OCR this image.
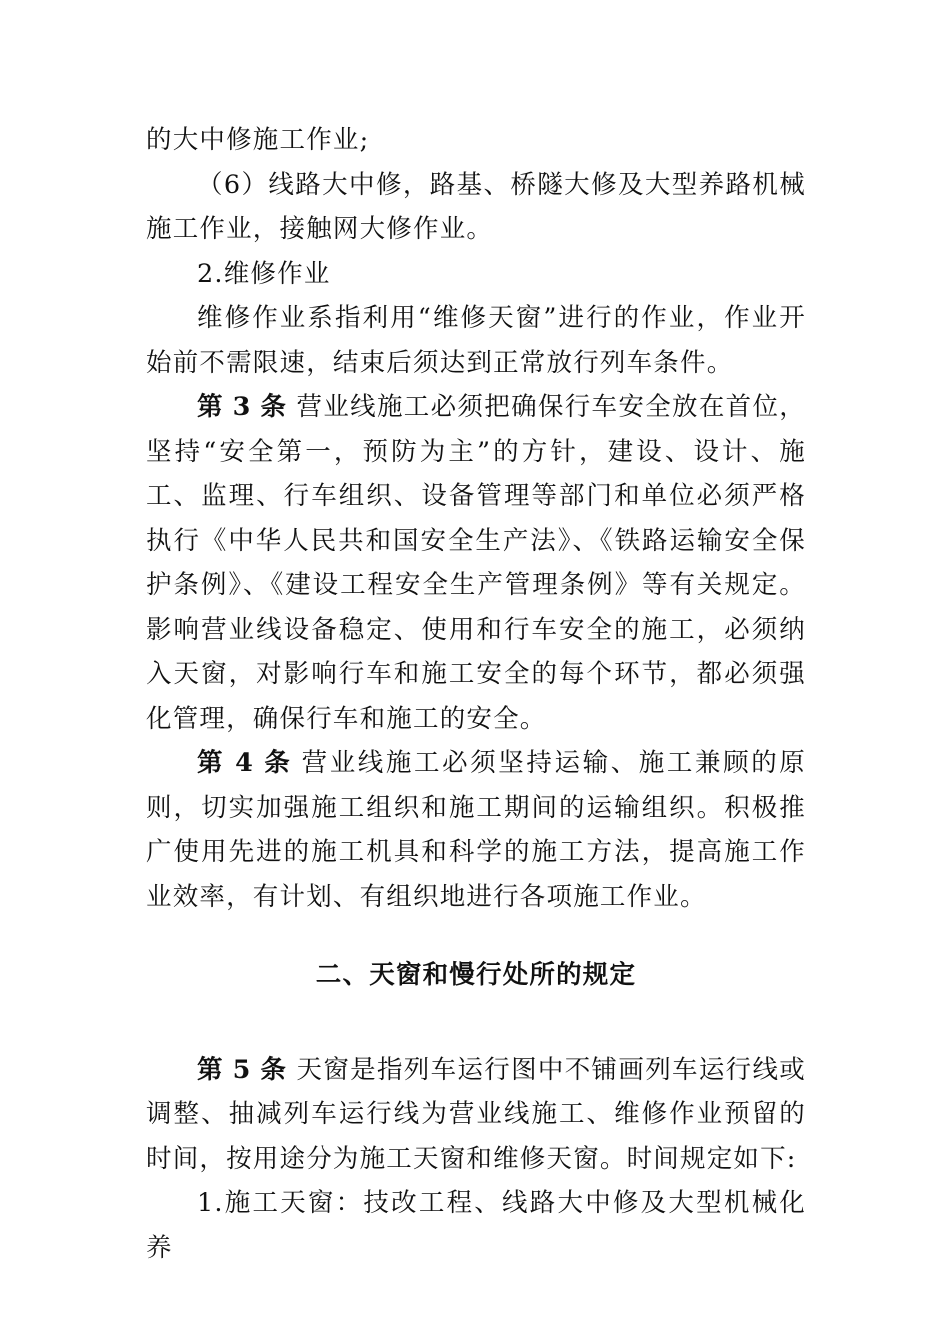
的大中修施工作业;

（6）线路大中修，路基、桥隧大修及大型养路机械施工作业，接触网大修作业。

2.维修作业

维修作业系指利用“维修天窗”进行的作业，作业开始前不需限速，结束后须达到正常放行列车条件。

第 3 条 营业线施工必须把确保行车安全放在首位，坚持“安全第一，预防为主”的方针，建设、设计、施工、监理、行车组织、设备管理等部门和单位必须严格执行《中华人民共和国安全生产法》、《铁路运输安全保护条例》、《建设工程安全生产管理条例》等有关规定。影响营业线设备稳定、使用和行车安全的施工，必须纳入天窗，对影响行车和施工安全的每个环节，都必须强化管理，确保行车和施工的安全。

第 4 条 营业线施工必须坚持运输、施工兼顾的原则，切实加强施工组织和施工期间的运输组织。积极推广使用先进的施工机具和科学的施工方法，提高施工作业效率，有计划、有组织地进行各项施工作业。

二、天窗和慢行处所的规定

第 5 条 天窗是指列车运行图中不铺画列车运行线或调整、抽减列车运行线为营业线施工、维修作业预留的时间，按用途分为施工天窗和维修天窗。时间规定如下:

1.施工天窗：技改工程、线路大中修及大型机械化养
